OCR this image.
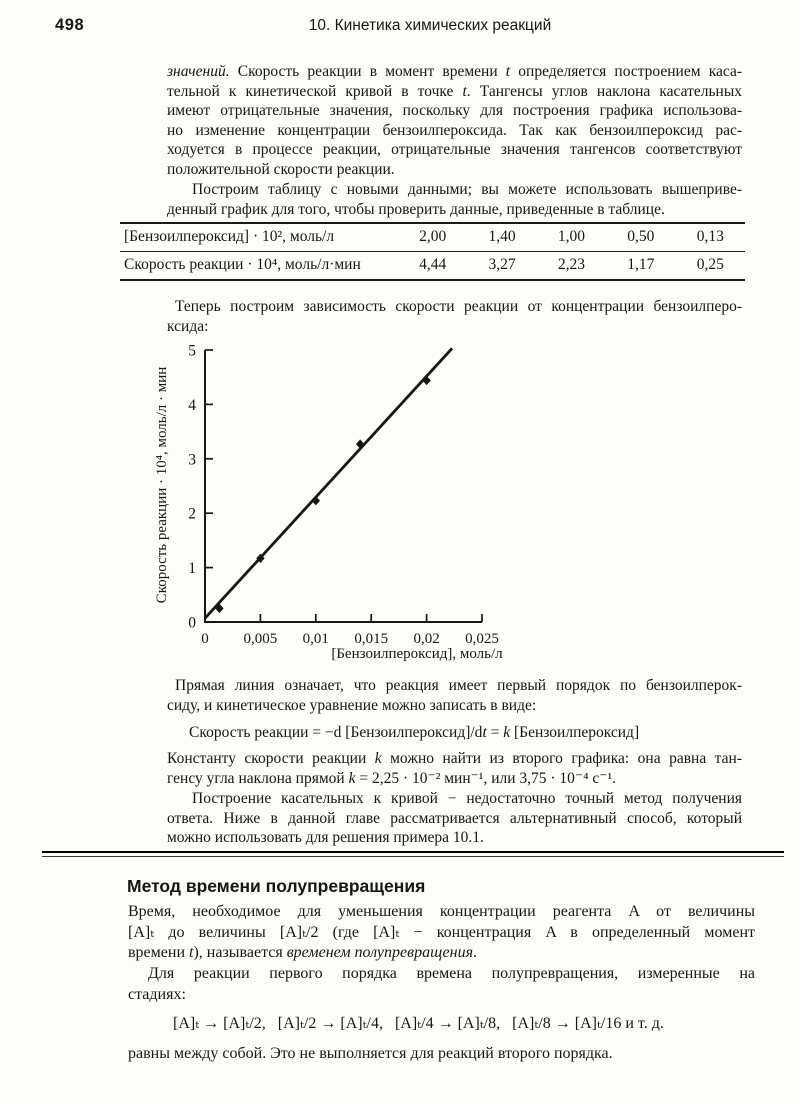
498	10. Кинетика химических реакций
значений. Скорость реакции в момент времени t определяется построением каса-
тельной к кинетической кривой в точке t. Тангенсы углов наклона касательных
имеют отрицательные значения, поскольку для построения графика использова-
но изменение концентрации бензоилпероксида. Так как бензоилпероксид рас-
ходуется в процессе реакции, отрицательные значения тангенсов соответствуют
положительной скорости реакции.
Построим таблицу с новыми данными; вы можете использовать вышеприве-
денный график для того, чтобы проверить данные, приведенные в таблице.
[Бензоилпероксид] · 10², моль/л	2,00	1,40	1,00	0,50	0,13
Скорость реакции · 10⁴, моль/л·мин	4,44	3,27	2,23	1,17	0,25
Теперь построим зависимость скорости реакции от концентрации бензоилперо-
ксида:
0
1
2
3
4
5
0 0,005 0,01 0,015 0,02 0,025
[Бензоилпероксид], моль/л
Скорость реакции · 10⁴, моль/л · мин
Прямая линия означает, что реакция имеет первый порядок по бензоилперок-
сиду, и кинетическое уравнение можно записать в виде:
Скорость реакции = −d [Бензоилпероксид]/dt = k [Бензоилпероксид]
Константу скорости реакции k можно найти из второго графика: она равна тан-
генсу угла наклона прямой k = 2,25 · 10⁻² мин⁻¹, или 3,75 · 10⁻⁴ с⁻¹.
Построение касательных к кривой − недостаточно точный метод получения
ответа. Ниже в данной главе рассматривается альтернативный способ, который
можно использовать для решения примера 10.1.
Метод времени полупревращения
Время, необходимое для уменьшения концентрации реагента A от величины
[A]ₜ до величины [A]ₜ/2 (где [A]ₜ − концентрация A в определенный момент
времени t), называется временем полупревращения.
Для реакции первого порядка времена полупревращения, измеренные на
стадиях:
[A]ₜ → [A]ₜ/2,   [A]ₜ/2 → [A]ₜ/4,   [A]ₜ/4 → [A]ₜ/8,   [A]ₜ/8 → [A]ₜ/16 и т. д.
равны между собой. Это не выполняется для реакций второго порядка.
